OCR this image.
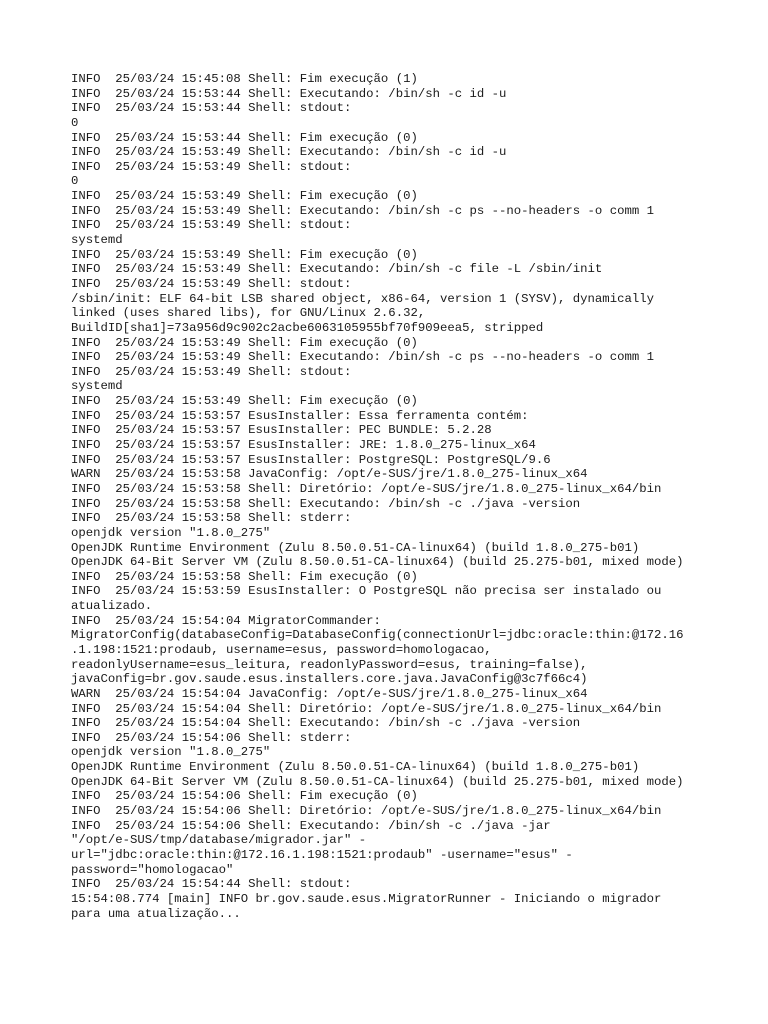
INFO  25/03/24 15:45:08 Shell: Fim execução (1)
INFO  25/03/24 15:53:44 Shell: Executando: /bin/sh -c id -u
INFO  25/03/24 15:53:44 Shell: stdout:
0
INFO  25/03/24 15:53:44 Shell: Fim execução (0)
INFO  25/03/24 15:53:49 Shell: Executando: /bin/sh -c id -u
INFO  25/03/24 15:53:49 Shell: stdout:
0
INFO  25/03/24 15:53:49 Shell: Fim execução (0)
INFO  25/03/24 15:53:49 Shell: Executando: /bin/sh -c ps --no-headers -o comm 1
INFO  25/03/24 15:53:49 Shell: stdout:
systemd
INFO  25/03/24 15:53:49 Shell: Fim execução (0)
INFO  25/03/24 15:53:49 Shell: Executando: /bin/sh -c file -L /sbin/init
INFO  25/03/24 15:53:49 Shell: stdout:
/sbin/init: ELF 64-bit LSB shared object, x86-64, version 1 (SYSV), dynamically
linked (uses shared libs), for GNU/Linux 2.6.32,
BuildID[sha1]=73a956d9c902c2acbe6063105955bf70f909eea5, stripped
INFO  25/03/24 15:53:49 Shell: Fim execução (0)
INFO  25/03/24 15:53:49 Shell: Executando: /bin/sh -c ps --no-headers -o comm 1
INFO  25/03/24 15:53:49 Shell: stdout:
systemd
INFO  25/03/24 15:53:49 Shell: Fim execução (0)
INFO  25/03/24 15:53:57 EsusInstaller: Essa ferramenta contém:
INFO  25/03/24 15:53:57 EsusInstaller: PEC BUNDLE: 5.2.28
INFO  25/03/24 15:53:57 EsusInstaller: JRE: 1.8.0_275-linux_x64
INFO  25/03/24 15:53:57 EsusInstaller: PostgreSQL: PostgreSQL/9.6
WARN  25/03/24 15:53:58 JavaConfig: /opt/e-SUS/jre/1.8.0_275-linux_x64
INFO  25/03/24 15:53:58 Shell: Diretório: /opt/e-SUS/jre/1.8.0_275-linux_x64/bin
INFO  25/03/24 15:53:58 Shell: Executando: /bin/sh -c ./java -version
INFO  25/03/24 15:53:58 Shell: stderr:
openjdk version "1.8.0_275"
OpenJDK Runtime Environment (Zulu 8.50.0.51-CA-linux64) (build 1.8.0_275-b01)
OpenJDK 64-Bit Server VM (Zulu 8.50.0.51-CA-linux64) (build 25.275-b01, mixed mode)
INFO  25/03/24 15:53:58 Shell: Fim execução (0)
INFO  25/03/24 15:53:59 EsusInstaller: O PostgreSQL não precisa ser instalado ou
atualizado.
INFO  25/03/24 15:54:04 MigratorCommander:
MigratorConfig(databaseConfig=DatabaseConfig(connectionUrl=jdbc:oracle:thin:@172.16
.1.198:1521:prodaub, username=esus, password=homologacao,
readonlyUsername=esus_leitura, readonlyPassword=esus, training=false),
javaConfig=br.gov.saude.esus.installers.core.java.JavaConfig@3c7f66c4)
WARN  25/03/24 15:54:04 JavaConfig: /opt/e-SUS/jre/1.8.0_275-linux_x64
INFO  25/03/24 15:54:04 Shell: Diretório: /opt/e-SUS/jre/1.8.0_275-linux_x64/bin
INFO  25/03/24 15:54:04 Shell: Executando: /bin/sh -c ./java -version
INFO  25/03/24 15:54:06 Shell: stderr:
openjdk version "1.8.0_275"
OpenJDK Runtime Environment (Zulu 8.50.0.51-CA-linux64) (build 1.8.0_275-b01)
OpenJDK 64-Bit Server VM (Zulu 8.50.0.51-CA-linux64) (build 25.275-b01, mixed mode)
INFO  25/03/24 15:54:06 Shell: Fim execução (0)
INFO  25/03/24 15:54:06 Shell: Diretório: /opt/e-SUS/jre/1.8.0_275-linux_x64/bin
INFO  25/03/24 15:54:06 Shell: Executando: /bin/sh -c ./java -jar
"/opt/e-SUS/tmp/database/migrador.jar" -
url="jdbc:oracle:thin:@172.16.1.198:1521:prodaub" -username="esus" -
password="homologacao"
INFO  25/03/24 15:54:44 Shell: stdout:
15:54:08.774 [main] INFO br.gov.saude.esus.MigratorRunner - Iniciando o migrador
para uma atualização...
